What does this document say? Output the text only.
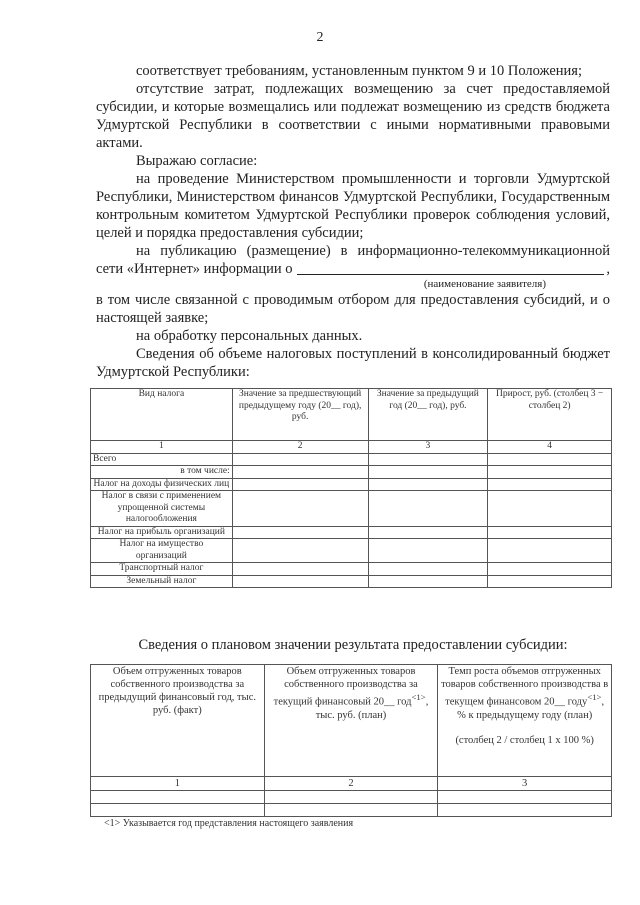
2

соответствует требованиям, установленным пунктом 9 и 10 Положения;

отсутствие затрат, подлежащих возмещению за счет предоставляемой субсидии, и которые возмещались или подлежат возмещению из средств бюджета Удмуртской Республики в соответствии с иными нормативными правовыми актами.

Выражаю согласие:

на проведение Министерством промышленности и торговли Удмуртской Республики, Министерством финансов Удмуртской Республики, Государственным контрольным комитетом Удмуртской Республики проверок соблюдения условий, целей и порядка предоставления субсидии;

на публикацию (размещение) в информационно-телекоммуникационной

сети «Интернет» информации о	,
(наименование заявителя)

в том числе связанной с проводимым отбором для предоставления субсидий, и о настоящей заявке;

на обработку персональных данных.

Сведения об объеме налоговых поступлений в консолидированный бюджет Удмуртской Республики:

Вид налога	Значение за предшествующий предыдущему году (20__ год), руб.	Значение за предыдущий год (20__ год), руб.	Прирост, руб. (столбец 3 − столбец 2)
1	2	3	4
Всего			
в том числе:			
Налог на доходы физических лиц			
Налог в связи с применением упрощенной системы налогообложения			
Налог на прибыль организаций			
Налог на имущество организаций			
Транспортный налог			
Земельный налог			
Сведения о плановом значении результата предоставлении субсидии:
Объем отгруженных товаров собственного производства за предыдущий финансовый год, тыс. руб. (факт)	Объем отгруженных товаров собственного производства за текущий финансовый 20__ год$^{<1>}$, тыс. руб. (план)	Темп роста объемов отгруженных товаров собственного производства в текущем финансовом 20__ году$^{<1>}$, % к предыдущему году (план)
(столбец 2 / столбец 1 х 100 %)

1	2	3

<1> Указывается год представления настоящего заявления
